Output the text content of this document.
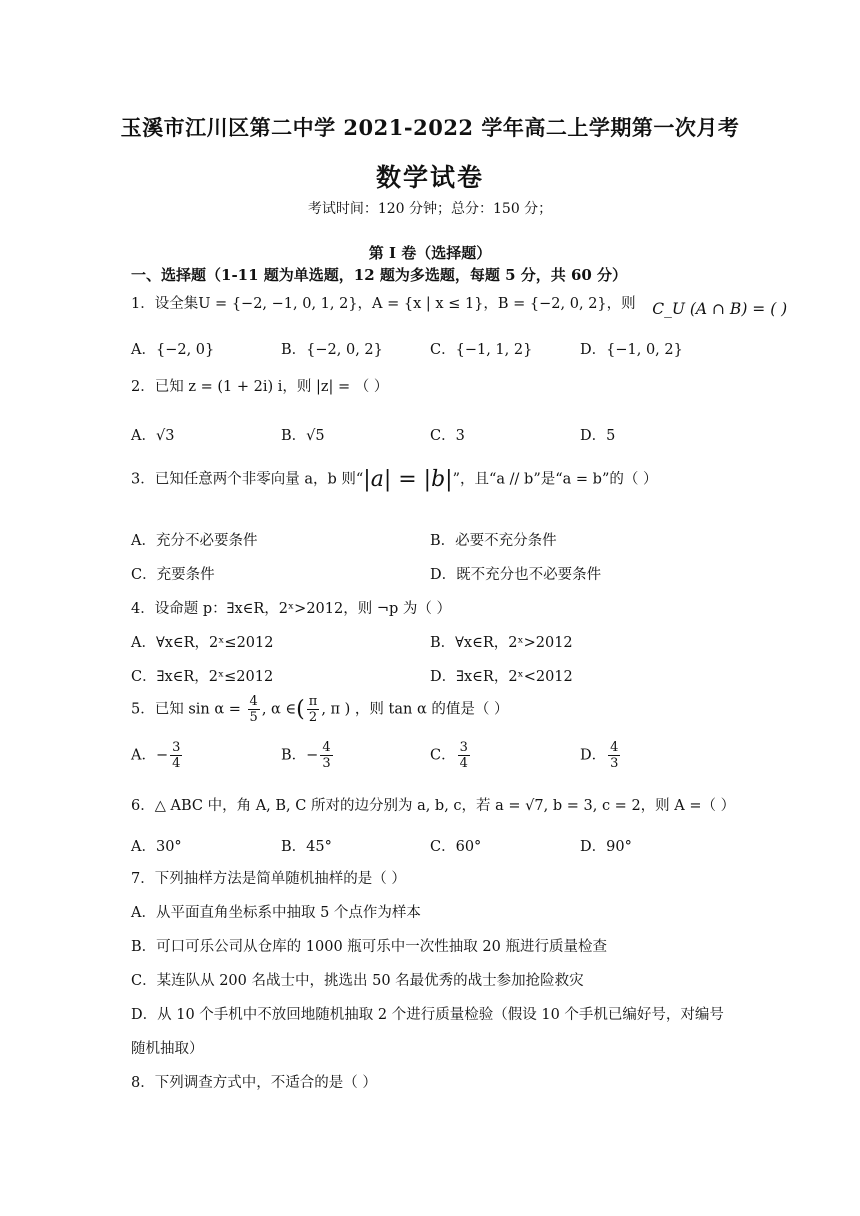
玉溪市江川区第二中学 2021-2022 学年高二上学期第一次月考
数学试卷
考试时间：120 分钟；总分：150 分；
第 I 卷（选择题）
一、选择题（1-11 题为单选题，12 题为多选题，每题 5 分，共 60 分）
1．设全集U = {−2, −1, 0, 1, 2}，A = {x | x ≤ 1}，B = {−2, 0, 2}，则 C_U (A ∩ B) = ( )
A．{−2, 0}	B．{−2, 0, 2}	C．{−1, 1, 2}	D．{−1, 0, 2}
2．已知 z = (1 + 2i) i，则 |z| = （ ）
A．√3	B．√5	C．3	D．5
3．已知任意两个非零向量 a，b 则“|a| = |b|”，且“a // b”是“a = b”的（ ）
A．充分不必要条件	B．必要不充分条件
C．充要条件	D．既不充分也不必要条件
4．设命题 p：∃x∈R，2ˣ>2012，则 ¬p 为（ ）
A．∀x∈R，2ˣ≤2012	B．∀x∈R，2ˣ>2012
C．∃x∈R，2ˣ≤2012	D．∃x∈R，2ˣ<2012
5．已知 $\sin \alpha = \frac{4}{5}$ , α ∈( $\frac{\pi}{2}$ , π ) ，则 tan α 的值是（ ）
A．− $\frac{3}{4}$	B．− $\frac{4}{3}$	C． $\frac{3}{4}$	D． $\frac{4}{3}$
6．△ ABC 中，角 A, B, C 所对的边分别为 a, b, c，若 a = √7, b = 3, c = 2，则 A =（ ）
A．30°	B．45°	C．60°	D．90°
7．下列抽样方法是简单随机抽样的是（ ）
A．从平面直角坐标系中抽取 5 个点作为样本
B．可口可乐公司从仓库的 1000 瓶可乐中一次性抽取 20 瓶进行质量检查
C．某连队从 200 名战士中，挑选出 50 名最优秀的战士参加抢险救灾
D．从 10 个手机中不放回地随机抽取 2 个进行质量检验（假设 10 个手机已编好号，对编号
随机抽取）
8．下列调查方式中，不适合的是（ ）
